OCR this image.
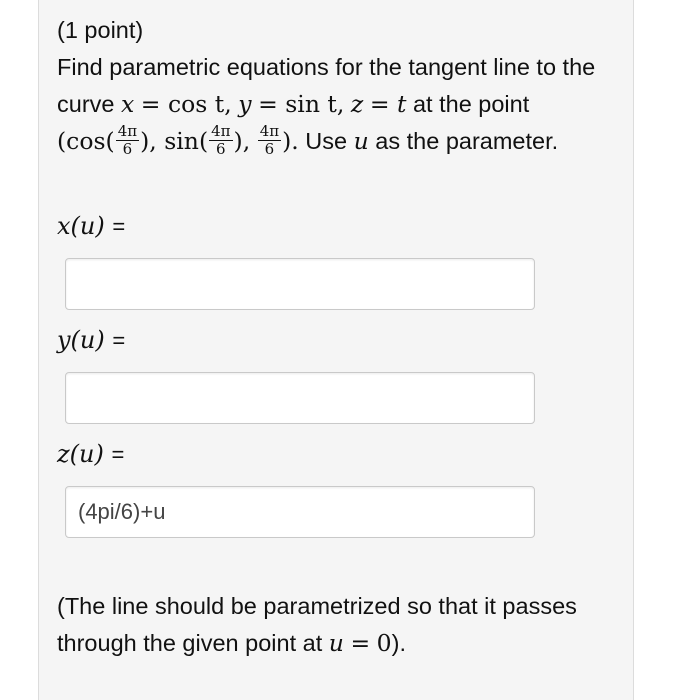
(1 point)
Find parametric equations for the tangent line to the curve x = cos t, y = sin t, z = t at the point
($\cos( \frac{4\pi}{6}$ ), $\sin( \frac{4\pi}{6}$ ), $\frac{4\pi}{6}$ ). Use u as the parameter.
x(u) =
y(u) =
z(u) =
(4pi/6)+u
(The line should be parametrized so that it passes through the given point at u = 0).
